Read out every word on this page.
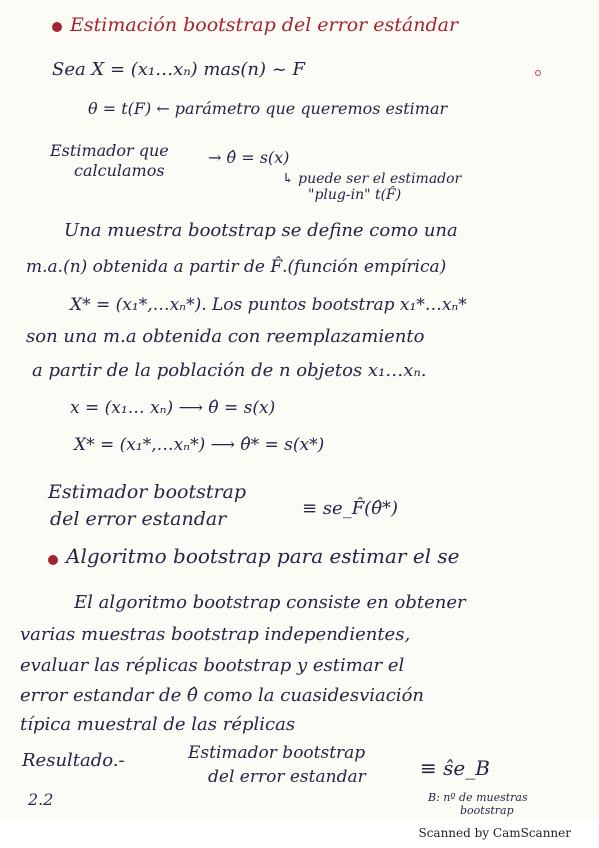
Estimación bootstrap del error estándar
Sea X = (x₁…xₙ) mas(n) ~ F
θ = t(F) ← parámetro que queremos estimar
Estimador que
calculamos
→ θ̂ = s(x)
↳ puede ser el estimador
"plug-in" t(F̂)
Una muestra bootstrap se define como una
m.a.(n) obtenida a partir de F̂.(función empírica)
X* = (x₁*,…xₙ*). Los puntos bootstrap x₁*…xₙ*
son una m.a obtenida con reemplazamiento
a partir de la población de n objetos x₁…xₙ.
x = (x₁… xₙ) ⟶ θ̂ = s(x)
X* = (x₁*,…xₙ*) ⟶ θ̂* = s(x*)
Estimador bootstrap
del error estandar	≡ se_F̂(θ̂*)
Algoritmo bootstrap para estimar el se
El algoritmo bootstrap consiste en obtener
varias muestras bootstrap independientes,
evaluar las réplicas bootstrap y estimar el
error estandar de θ̂ como la cuasidesviación
típica muestral de las réplicas
Resultado.-	Estimador bootstrap
del error estandar	≡ ŝe_B
2.2	B: nº de muestras
bootstrap
Scanned by CamScanner
